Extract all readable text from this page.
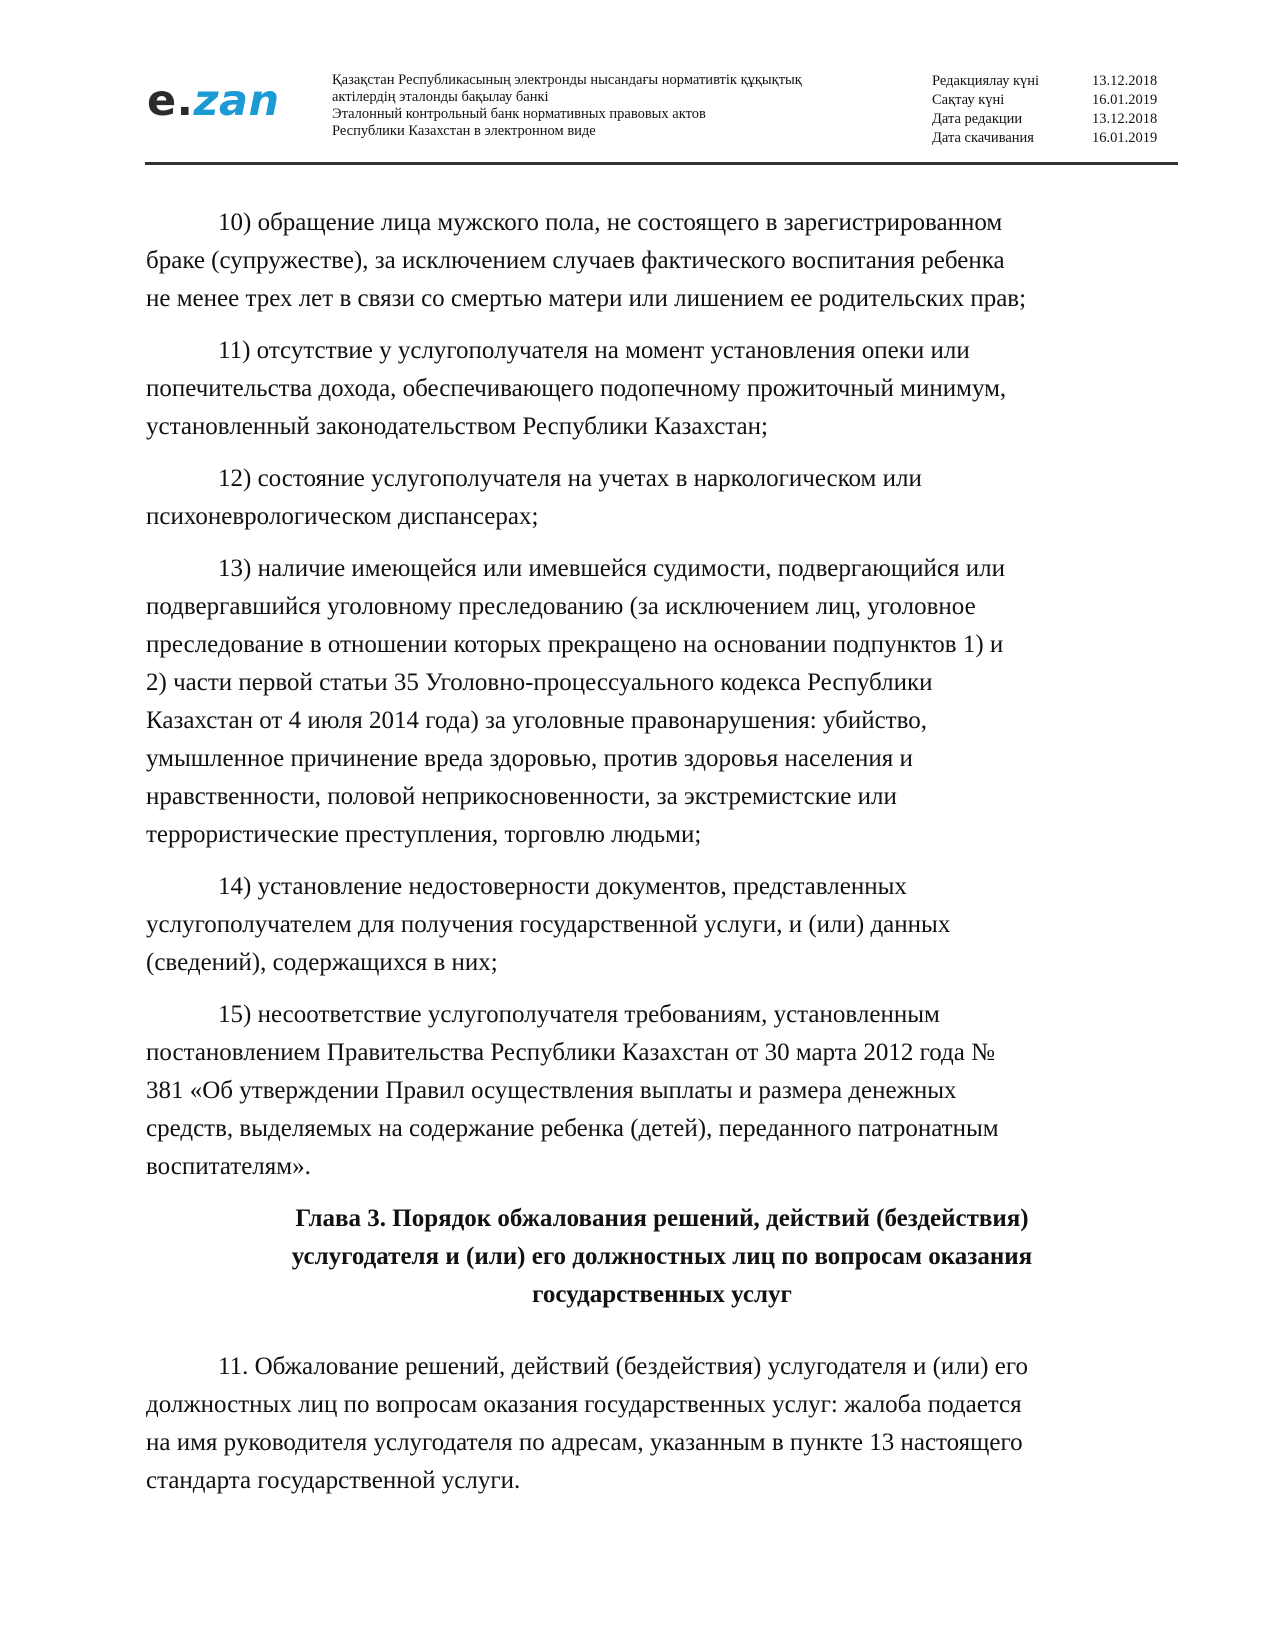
e.zan	Қазақстан Республикасының электронды нысандағы нормативтік құқықтық
актілердің эталонды бақылау банкі
Эталонный контрольный банк нормативных правовых актов
Республики Казахстан в электронном виде
Редакциялау күні	13.12.2018
Сақтау күні	16.01.2019
Дата редакции	13.12.2018
Дата скачивания	16.01.2019
10) обращение лица мужского пола, не состоящего в зарегистрированном
браке (супружестве), за исключением случаев фактического воспитания ребенка
не менее трех лет в связи со смертью матери или лишением ее родительских прав;
11) отсутствие у услугополучателя на момент установления опеки или
попечительства дохода, обеспечивающего подопечному прожиточный минимум,
установленный законодательством Республики Казахстан;
12) состояние услугополучателя на учетах в наркологическом или
психоневрологическом диспансерах;
13) наличие имеющейся или имевшейся судимости, подвергающийся или
подвергавшийся уголовному преследованию (за исключением лиц, уголовное
преследование в отношении которых прекращено на основании подпунктов 1) и
2) части первой статьи 35 Уголовно-процессуального кодекса Республики
Казахстан от 4 июля 2014 года) за уголовные правонарушения: убийство,
умышленное причинение вреда здоровью, против здоровья населения и
нравственности, половой неприкосновенности, за экстремистские или
террористические преступления, торговлю людьми;
14) установление недостоверности документов, представленных
услугополучателем для получения государственной услуги, и (или) данных
(сведений), содержащихся в них;
15) несоответствие услугополучателя требованиям, установленным
постановлением Правительства Республики Казахстан от 30 марта 2012 года №
381 «Об утверждении Правил осуществления выплаты и размера денежных
средств, выделяемых на содержание ребенка (детей), переданного патронатным
воспитателям».
Глава 3. Порядок обжалования решений, действий (бездействия)
услугодателя и (или) его должностных лиц по вопросам оказания
государственных услуг
11. Обжалование решений, действий (бездействия) услугодателя и (или) его
должностных лиц по вопросам оказания государственных услуг: жалоба подается
на имя руководителя услугодателя по адресам, указанным в пункте 13 настоящего
стандарта государственной услуги.
